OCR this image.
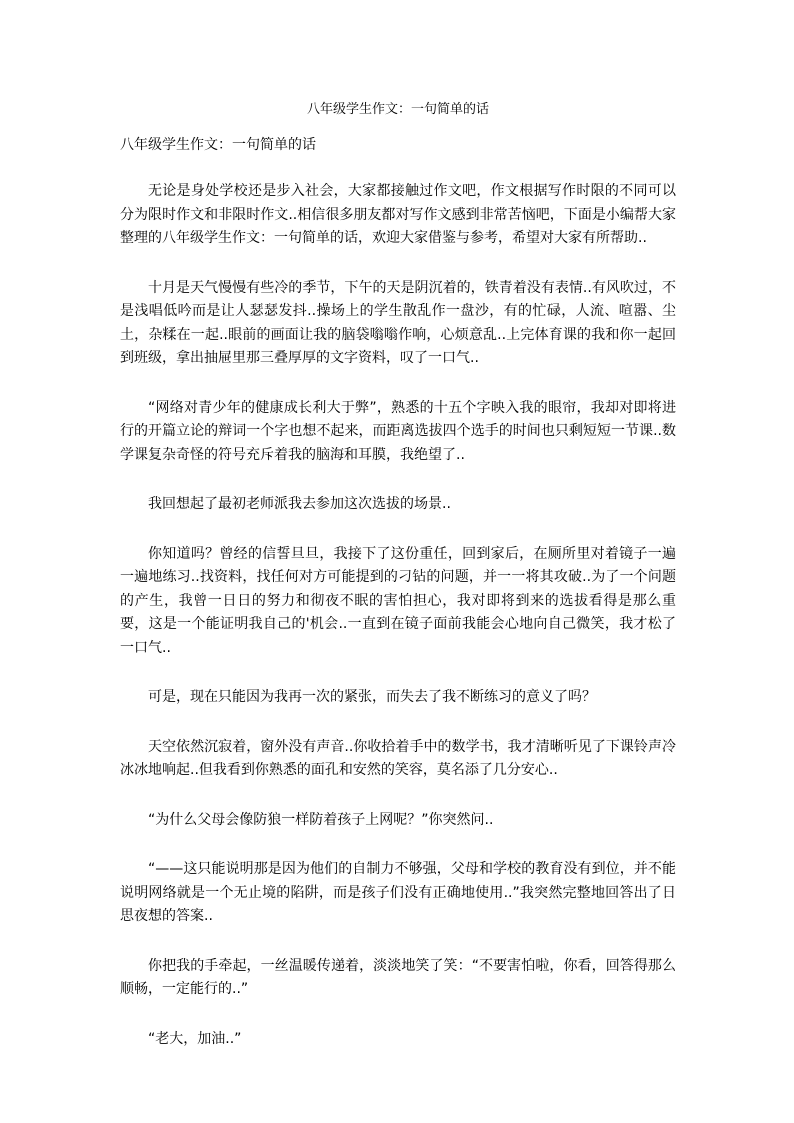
八年级学生作文：一句简单的话
八年级学生作文：一句简单的话

无论是身处学校还是步入社会，大家都接触过作文吧，作文根据写作时限的不同可以分为限时作文和非限时作文..相信很多朋友都对写作文感到非常苦恼吧，下面是小编帮大家整理的八年级学生作文：一句简单的话，欢迎大家借鉴与参考，希望对大家有所帮助..

十月是天气慢慢有些冷的季节，下午的天是阴沉着的，铁青着没有表情..有风吹过，不是浅唱低吟而是让人瑟瑟发抖..操场上的学生散乱作一盘沙，有的忙碌，人流、喧嚣、尘土，杂糅在一起..眼前的画面让我的脑袋嗡嗡作响，心烦意乱..上完体育课的我和你一起回到班级，拿出抽屉里那三叠厚厚的文字资料，叹了一口气..

“网络对青少年的健康成长利大于弊”，熟悉的十五个字映入我的眼帘，我却对即将进行的开篇立论的辩词一个字也想不起来，而距离选拔四个选手的时间也只剩短短一节课..数学课复杂奇怪的符号充斥着我的脑海和耳膜，我绝望了..

我回想起了最初老师派我去参加这次选拔的场景..

你知道吗？曾经的信誓旦旦，我接下了这份重任，回到家后，在厕所里对着镜子一遍一遍地练习..找资料，找任何对方可能提到的刁钻的问题，并一一将其攻破..为了一个问题的产生，我曾一日日的努力和彻夜不眠的害怕担心，我对即将到来的选拔看得是那么重要，这是一个能证明我自己的'机会..一直到在镜子面前我能会心地向自己微笑，我才松了一口气..

可是，现在只能因为我再一次的紧张，而失去了我不断练习的意义了吗？

天空依然沉寂着，窗外没有声音..你收拾着手中的数学书，我才清晰听见了下课铃声冷冰冰地响起..但我看到你熟悉的面孔和安然的笑容，莫名添了几分安心..

“为什么父母会像防狼一样防着孩子上网呢？”你突然问..

“——这只能说明那是因为他们的自制力不够强，父母和学校的教育没有到位，并不能说明网络就是一个无止境的陷阱，而是孩子们没有正确地使用..”我突然完整地回答出了日思夜想的答案..

你把我的手牵起，一丝温暖传递着，淡淡地笑了笑：“不要害怕啦，你看，回答得那么顺畅，一定能行的..”

“老大，加油..”
